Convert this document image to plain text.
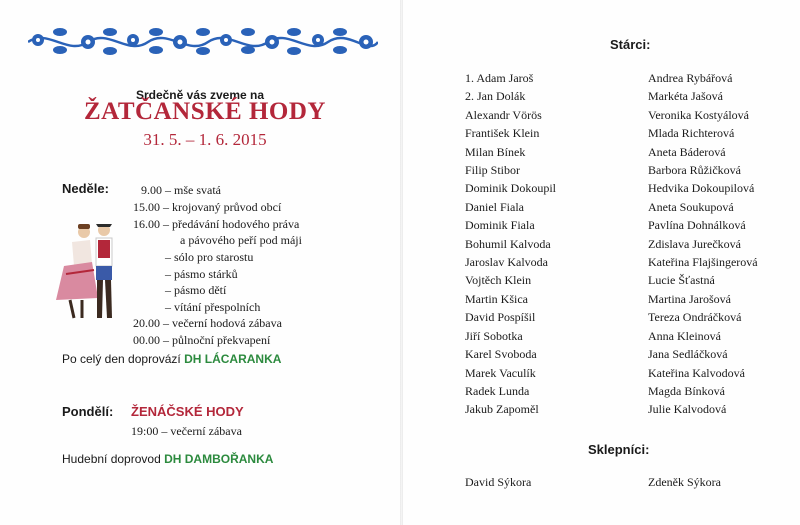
Srdečně vás zveme na
ŽATČANSKÉ HODY
31. 5. – 1. 6. 2015
Neděle:	9.00 – mše svatá
15.00 – krojovaný průvod obcí
16.00 – předávání hodového práva
a pávového peří pod máji
– sólo pro starostu
– pásmo stárků
– pásmo dětí
– vítání přespolních
20.00 – večerní hodová zábava
00.00 – půlnoční překvapení
Po celý den doprovází DH LÁCARANKA
Pondělí: ŽENÁČSKÉ HODY
19:00 – večerní zábava
Hudební doprovod DH DAMBOŘANKA
Stárci:
1. Adam Jaroš
2. Jan Dolák
Alexandr Vörös
František Klein
Milan Bínek
Filip Stibor
Dominik Dokoupil
Daniel Fiala
Dominik Fiala
Bohumil Kalvoda
Jaroslav Kalvoda
Vojtěch Klein
Martin Kšica
David Pospíšil
Jiří Sobotka
Karel Svoboda
Marek Vaculík
Radek Lunda
Jakub Zapoměl
Andrea Rybářová
Markéta Jašová
Veronika Kostyálová
Mlada Richterová
Aneta Báderová
Barbora Růžičková
Hedvika Dokoupilová
Aneta Soukupová
Pavlína Dohnálková
Zdislava Jurečková
Kateřina Flajšingerová
Lucie Šťastná
Martina Jarošová
Tereza Ondráčková
Anna Kleinová
Jana Sedláčková
Kateřina Kalvodová
Magda Bínková
Julie Kalvodová
Sklepníci:
David Sýkora	Zdeněk Sýkora
